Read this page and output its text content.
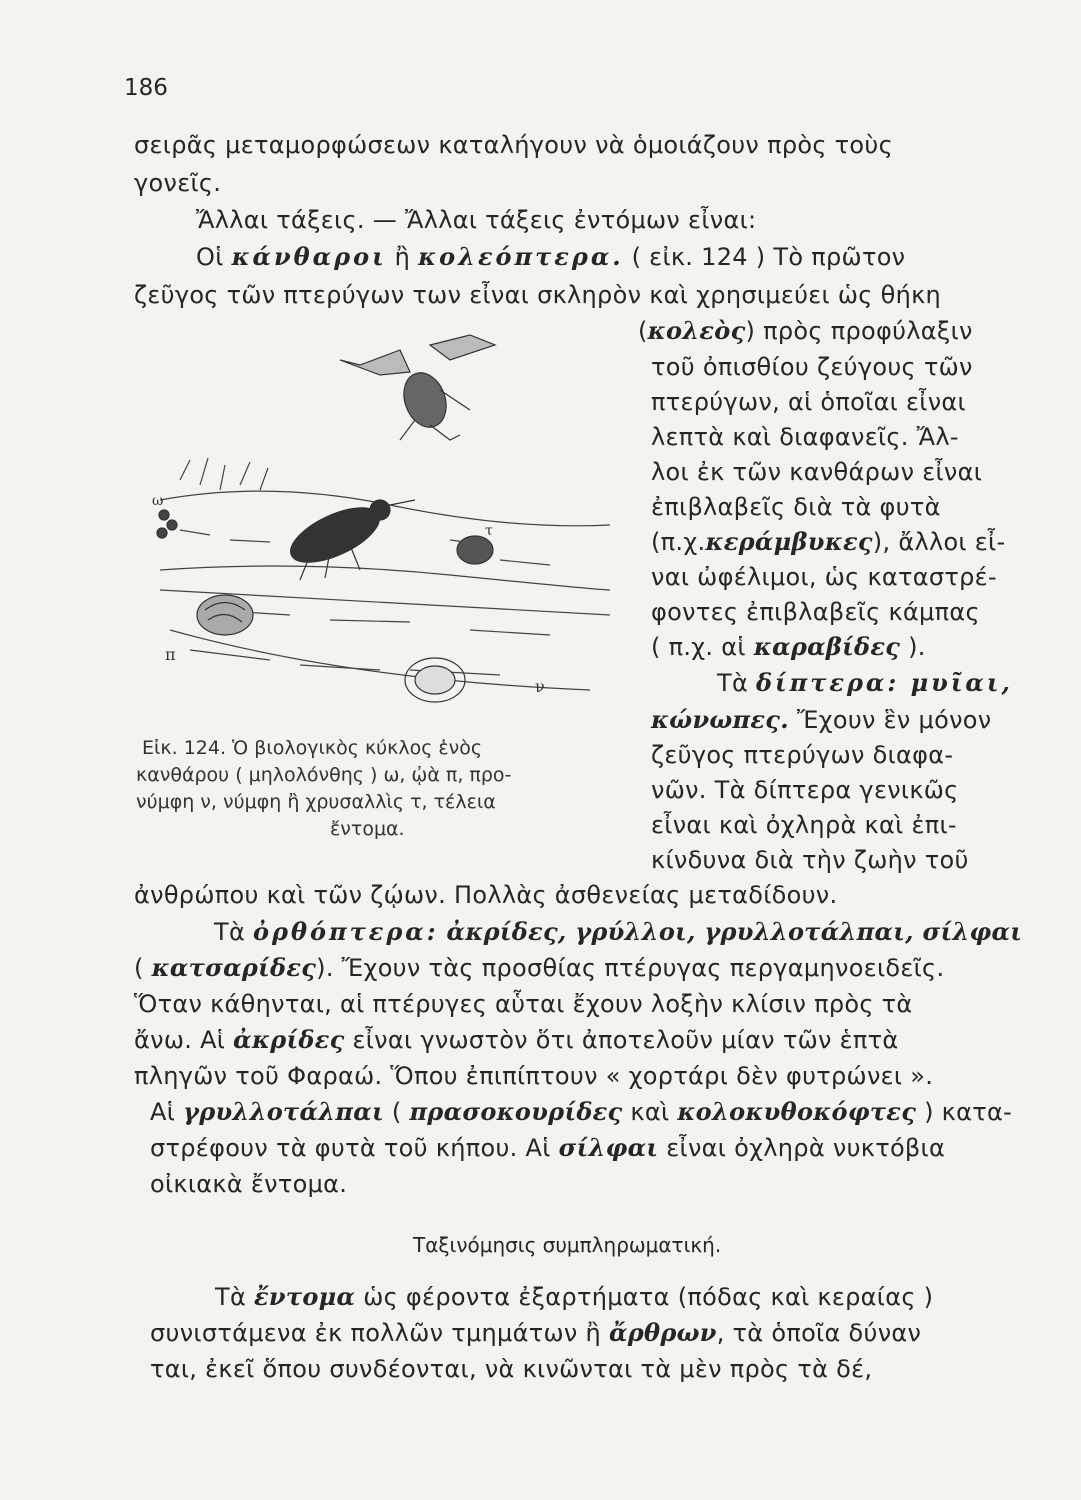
186
σειρᾶς μεταμορφώσεων καταλήγουν νὰ ὁμοιάζουν πρὸς τοὺς
γονεῖς.
Ἄλλαι τάξεις. — Ἄλλαι τάξεις ἐντόμων εἶναι:
Οἱ κάνθαροι ἢ κολεόπτερα. ( εἰκ. 124 ) Τὸ πρῶτον
ζεῦγος τῶν πτερύγων των εἶναι σκληρὸν καὶ χρησιμεύει ὡς θήκη
(κολεὸς) πρὸς προφύλαξιν
τοῦ ὀπισθίου ζεύγους τῶν
πτερύγων, αἱ ὁποῖαι εἶναι
λεπτὰ καὶ διαφανεῖς. Ἄλ-
λοι ἐκ τῶν κανθάρων εἶναι
ἐπιβλαβεῖς διὰ τὰ φυτὰ
(π.χ.κεράμβυκες), ἄλλοι εἶ-
ναι ὠφέλιμοι, ὡς καταστρέ-
φοντες ἐπιβλαβεῖς κάμπας
( π.χ. αἱ καραβίδες ).
Τὰ δίπτερα: μυῖαι,
κώνωπες. Ἔχουν ἓν μόνον
ζεῦγος πτερύγων διαφα-
νῶν. Τὰ δίπτερα γενικῶς
εἶναι καὶ ὀχληρὰ καὶ ἐπι-
κίνδυνα διὰ τὴν ζωὴν τοῦ
ἀνθρώπου καὶ τῶν ζῴων. Πολλὰς ἀσθενείας μεταδίδουν.
Τὰ ὀρθόπτερα: ἀκρίδες, γρύλλοι, γρυλλοτάλπαι, σίλφαι
( κατσαρίδες). Ἔχουν τὰς προσθίας πτέρυγας περγαμηνοειδεῖς.
Ὅταν κάθηνται, αἱ πτέρυγες αὗται ἔχουν λοξὴν κλίσιν πρὸς τὰ
ἄνω. Αἱ ἀκρίδες εἶναι γνωστὸν ὅτι ἀποτελοῦν μίαν τῶν ἑπτὰ
πληγῶν τοῦ Φαραώ. Ὅπου ἐπιπίπτουν « χορτάρι δὲν φυτρώνει ».
Αἱ γρυλλοτάλπαι ( πρασοκουρίδες καὶ κολοκυθοκόφτες ) κατα-
στρέφουν τὰ φυτὰ τοῦ κήπου. Αἱ σίλφαι εἶναι ὀχληρὰ νυκτόβια
οἰκιακὰ ἔντομα.
Ταξινόμησις συμπληρωματική.
Τὰ ἔντομα ὡς φέροντα ἐξαρτήματα (πόδας καὶ κεραίας )
συνιστάμενα ἐκ πολλῶν τμημάτων ἢ ἄρθρων, τὰ ὁποῖα δύναν
ται, ἐκεῖ ὅπου συνδέονται, νὰ κινῶνται τὰ μὲν πρὸς τὰ δέ,
π
ν
τ
ω
Εἰκ. 124. Ὁ βιολογικὸς κύκλος ἑνὸς
κανθάρου ( μηλολόνθης ) ω, ᾠὰ π, προ-
νύμφη ν, νύμφη ἢ χρυσαλλὶς τ, τέλεια
ἔντομα.
